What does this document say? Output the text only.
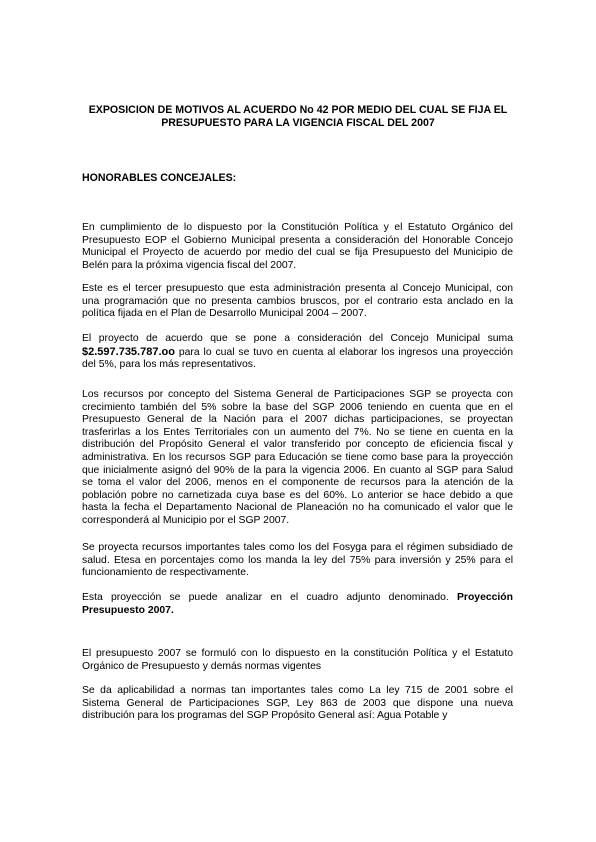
EXPOSICION DE MOTIVOS AL ACUERDO No 42 POR MEDIO DEL CUAL SE FIJA EL PRESUPUESTO PARA LA VIGENCIA FISCAL DEL 2007
HONORABLES CONCEJALES:

En cumplimiento de lo dispuesto por la Constitución Política y el Estatuto Orgánico del Presupuesto EOP el Gobierno Municipal presenta a consideración del Honorable Concejo Municipal el Proyecto de acuerdo por medio del cual se fija Presupuesto del Municipio de Belén para la próxima vigencia fiscal del 2007.

Este es el tercer presupuesto que esta administración presenta al Concejo Municipal, con una programación que no presenta cambios bruscos, por el contrario esta anclado en la política fijada en el Plan de Desarrollo Municipal 2004 – 2007.

El proyecto de acuerdo que se pone a consideración del Concejo Municipal suma $2.597.735.787.oo para lo cual se tuvo en cuenta al elaborar los ingresos una proyección del 5%, para los más representativos.

Los recursos por concepto del Sistema General de Participaciones SGP se proyecta con crecimiento también del 5% sobre la base del SGP 2006 teniendo en cuenta que en el Presupuesto General de la Nación para el 2007 dichas participaciones, se proyectan trasferirlas a los Entes Territoriales con un aumento del 7%. No se tiene en cuenta en la distribución del Propósito General el valor transferido por concepto de eficiencia fiscal y administrativa. En los recursos SGP para Educación se tiene como base para la proyección que inicialmente asignó del 90% de la para la vigencia 2006. En cuanto al SGP para Salud se toma el valor del 2006, menos en el componente de recursos para la atención de la población pobre no carnetizada cuya base es del 60%. Lo anterior se hace debido a que hasta la fecha el Departamento Nacional de Planeación no ha comunicado el valor que le corresponderá al Municipio por el SGP 2007.

Se proyecta recursos importantes tales como los del Fosyga para el régimen subsidiado de salud. Etesa en porcentajes como los manda la ley del 75% para inversión y 25% para el funcionamiento de respectivamente.

Esta proyección se puede analizar en el cuadro adjunto denominado. Proyección Presupuesto 2007.

El presupuesto 2007 se formuló con lo dispuesto en la constitución Política y el Estatuto Orgánico de Presupuesto y demás normas vigentes

Se da aplicabilidad a normas tan importantes tales como La ley 715 de 2001 sobre el Sistema General de Participaciones SGP, Ley 863 de 2003 que dispone una nueva distribución para los programas del SGP Propósito General así: Agua Potable y
